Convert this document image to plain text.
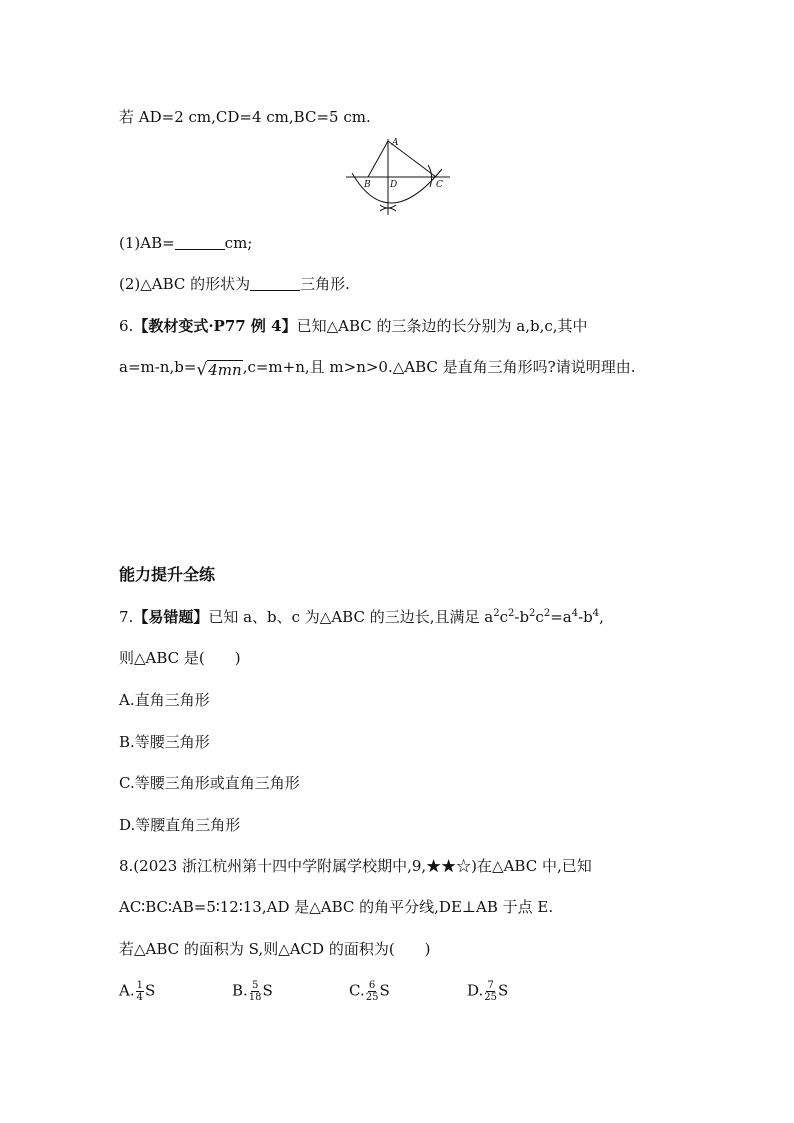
若 AD=2 cm,CD=4 cm,BC=5 cm.
A
B D	C
(1)AB=	cm;
(2)△ABC 的形状为	三角形.
6.【教材变式·P77 例 4】已知△ABC 的三条边的长分别为 a,b,c,其中
a=m-n,b=√4mn,c=m+n,且 m>n>0.△ABC 是直角三角形吗?请说明理由.
能力提升全练
7.【易错题】已知 a、b、c 为△ABC 的三边长,且满足 $a^2c^2-b^2c^2=a^4-b^4$,
则△ABC 是(　　)
A.直角三角形
B.等腰三角形
C.等腰三角形或直角三角形
D.等腰直角三角形
8.(2023 浙江杭州第十四中学附属学校期中,9,★★☆)在△ABC 中,已知
AC∶BC∶AB=5∶12∶13,AD 是△ABC 的角平分线,DE⊥AB 于点 E.
若△ABC 的面积为 S,则△ACD 的面积为(　　)
A. $\frac{1}{4}$ S	B. $\frac{5}{18}$ S	C. $\frac{6}{25}$ S	D. $\frac{7}{25}$ S
